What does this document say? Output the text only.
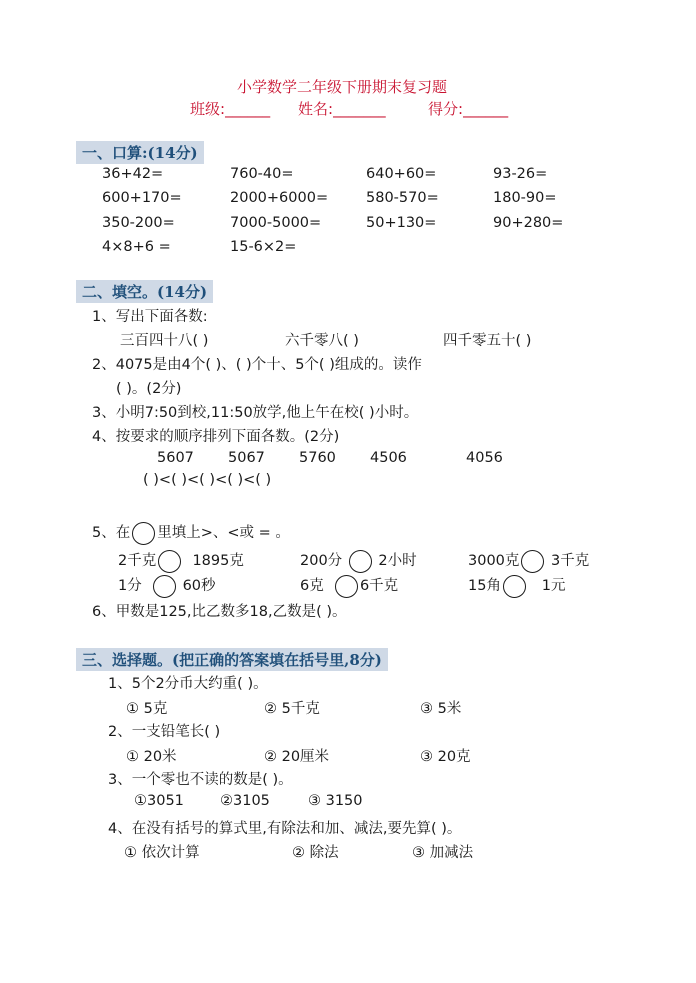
小学数学二年级下册期末复习题
班级:______ 姓名:_______	得分:______
一、口算:(14分)
36+42=	760-40=	640+60=	93-26=
600+170=	2000+6000=	580-570=	180-90=
350-200=	7000-5000=	50+130=	90+280=
4×8+6 =	15-6×2=
二、填空。(14分)
1、写出下面各数:
三百四十八( )	六千零八( )	四千零五十( )
2、4075是由4个( )、( )个十、5个( )组成的。读作
( )。(2分)
3、小明7:50到校,11:50放学,他上午在校( )小时。
4、按要求的顺序排列下面各数。(2分)
5607 5067 5760 4506	4056
( )<( )<( )<( )<( )
5、在 里填上>、<或 = 。
2千克 1895克	200分 2小时	3000克 3千克
1分	60秒	6克 6千克	15角	1元
6、甲数是125,比乙数多18,乙数是( )。
三、选择题。(把正确的答案填在括号里,8分)
1、5个2分币大约重( )。
① 5克	② 5千克	③ 5米
2、一支铅笔长( )
① 20米	② 20厘米	③ 20克
3、一个零也不读的数是( )。
①3051 ②3105	③ 3150
4、在没有括号的算式里,有除法和加、减法,要先算( )。
① 依次计算	② 除法	③ 加减法
